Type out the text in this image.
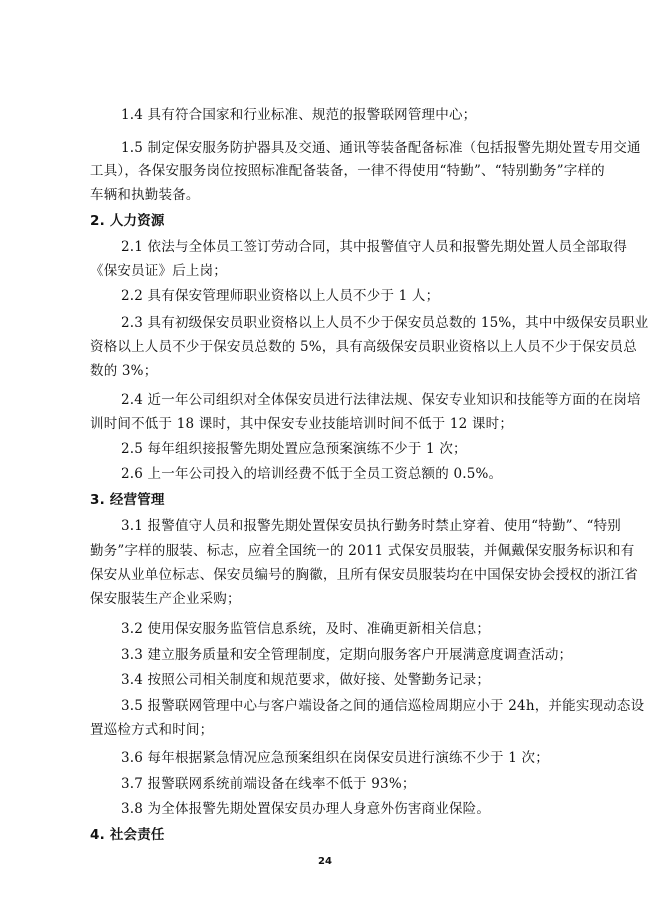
1.4 具有符合国家和行业标准、规范的报警联网管理中心；
1.5 制定保安服务防护器具及交通、通讯等装备配备标准（包括报警先期处置专用交通
工具），各保安服务岗位按照标准配备装备，一律不得使用“特勤”、“特别勤务”字样的
车辆和执勤装备。
2. 人力资源
2.1 依法与全体员工签订劳动合同，其中报警值守人员和报警先期处置人员全部取得
《保安员证》后上岗；
2.2 具有保安管理师职业资格以上人员不少于 1 人；
2.3 具有初级保安员职业资格以上人员不少于保安员总数的 15%，其中中级保安员职业
资格以上人员不少于保安员总数的 5%，具有高级保安员职业资格以上人员不少于保安员总
数的 3%；
2.4 近一年公司组织对全体保安员进行法律法规、保安专业知识和技能等方面的在岗培
训时间不低于 18 课时，其中保安专业技能培训时间不低于 12 课时；
2.5 每年组织接报警先期处置应急预案演练不少于 1 次；
2.6 上一年公司投入的培训经费不低于全员工资总额的 0.5%。
3. 经营管理
3.1 报警值守人员和报警先期处置保安员执行勤务时禁止穿着、使用“特勤”、“特别
勤务”字样的服装、标志，应着全国统一的 2011 式保安员服装，并佩戴保安服务标识和有
保安从业单位标志、保安员编号的胸徽，且所有保安员服装均在中国保安协会授权的浙江省
保安服装生产企业采购；
3.2 使用保安服务监管信息系统，及时、准确更新相关信息；
3.3 建立服务质量和安全管理制度，定期向服务客户开展满意度调查活动；
3.4 按照公司相关制度和规范要求，做好接、处警勤务记录；
3.5 报警联网管理中心与客户端设备之间的通信巡检周期应小于 24h，并能实现动态设
置巡检方式和时间；
3.6 每年根据紧急情况应急预案组织在岗保安员进行演练不少于 1 次；
3.7 报警联网系统前端设备在线率不低于 93%；
3.8 为全体报警先期处置保安员办理人身意外伤害商业保险。
4. 社会责任
24
